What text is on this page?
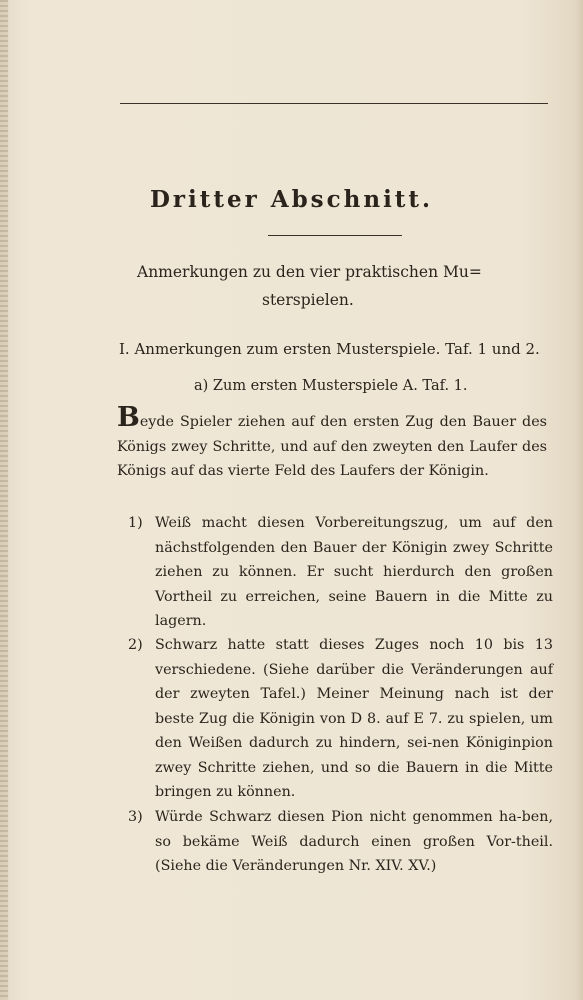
Dritter Abschnitt.
Anmerkungen zu den vier praktischen Mu=
sterspielen.
I. Anmerkungen zum ersten Musterspiele. Taf. 1 und 2.
a) Zum ersten Musterspiele A. Taf. 1.
Beyde Spieler ziehen auf den ersten Zug den Bauer des Königs zwey Schritte, und auf den zweyten den Laufer des Königs auf das vierte Feld des Laufers der Königin.
1) Weiß macht diesen Vorbereitungszug, um auf den nächstfolgenden den Bauer der Königin zwey Schritte ziehen zu können. Er sucht hierdurch den großen Vortheil zu erreichen, seine Bauern in die Mitte zu lagern.
2) Schwarz hatte statt dieses Zuges noch 10 bis 13 verschiedene. (Siehe darüber die Veränderungen auf der zweyten Tafel.) Meiner Meinung nach ist der beste Zug die Königin von D 8. auf E 7. zu spielen, um den Weißen dadurch zu hindern, sei-nen Königinpion zwey Schritte ziehen, und so die Bauern in die Mitte bringen zu können.
3) Würde Schwarz diesen Pion nicht genommen ha-ben, so bekäme Weiß dadurch einen großen Vor-theil. (Siehe die Veränderungen Nr. XIV. XV.)
